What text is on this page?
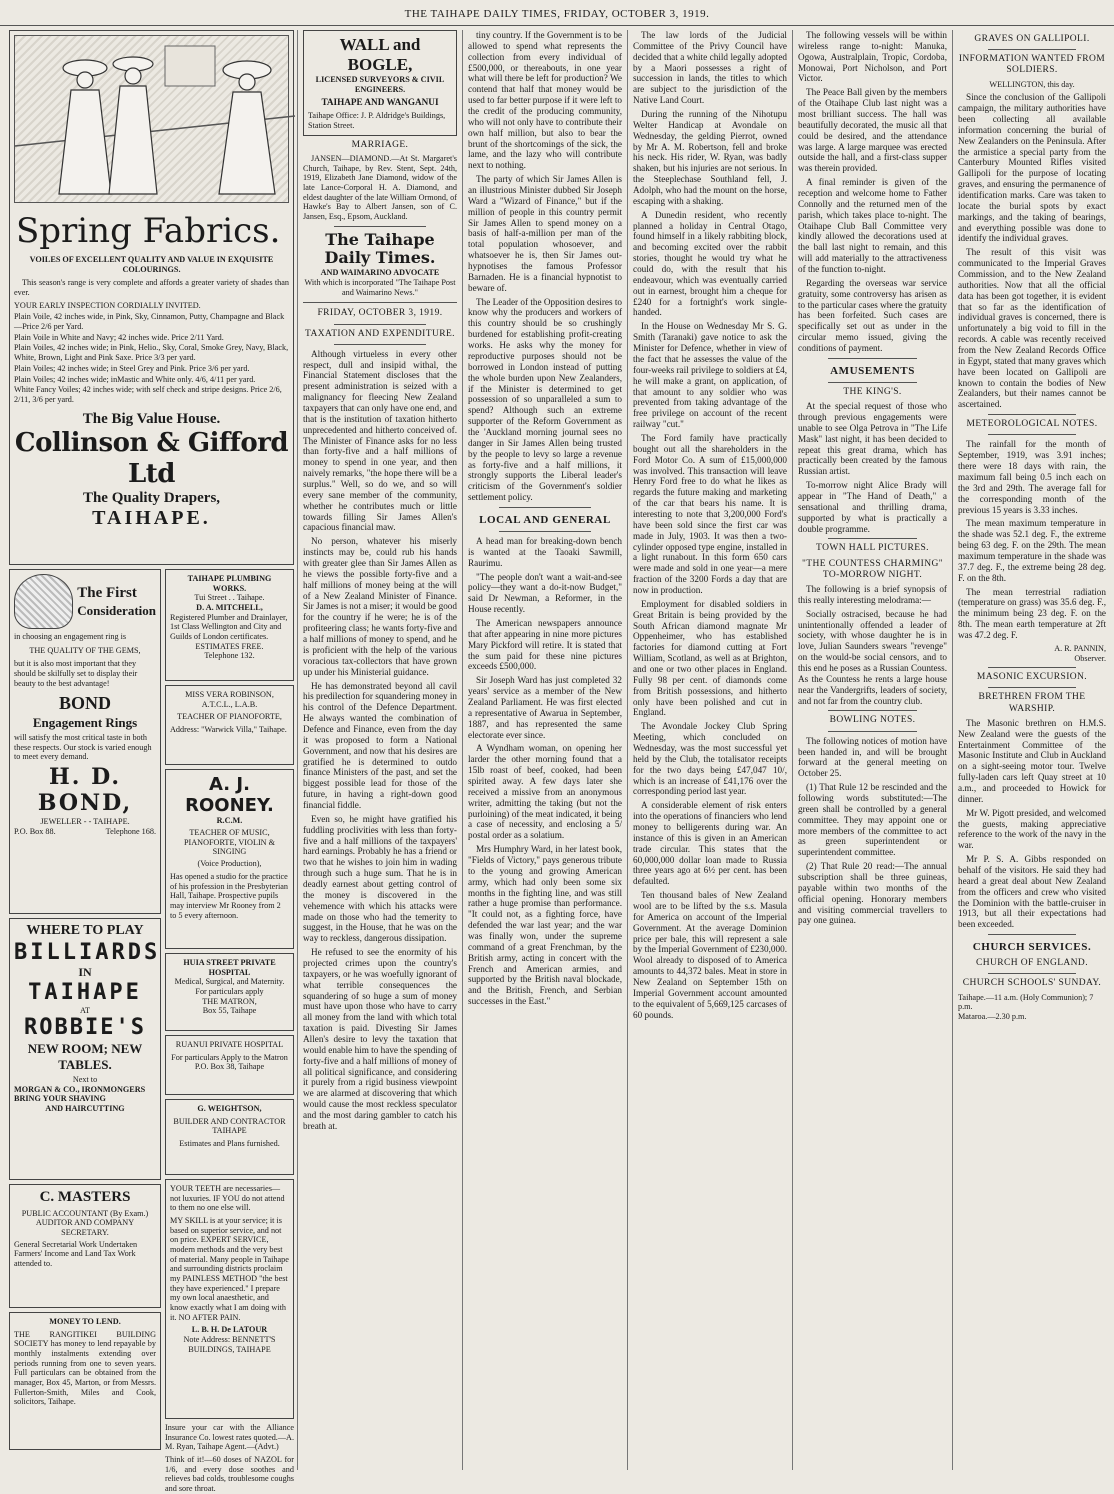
THE TAIHAPE DAILY TIMES, FRIDAY, OCTOBER 3, 1919.
Spring Fabrics.
VOILES OF EXCELLENT QUALITY AND VALUE IN EXQUISITE COLOURINGS.

This season's range is very complete and affords a greater variety of shades than ever.

YOUR EARLY INSPECTION CORDIALLY INVITED.
Plain Voile, 42 inches wide, in Pink, Sky, Cinnamon, Putty, Champagne and Black—Price 2/6 per Yard.
Plain Voile in White and Navy; 42 inches wide. Price 2/11 Yard.
Plain Voiles, 42 inches wide; in Pink, Helio., Sky, Coral, Smoke Grey, Navy, Black, White, Brown, Light and Pink Saxe. Price 3/3 per yard.
Plain Voiles; 42 inches wide; in Steel Grey and Pink. Price 3/6 per yard.
Plain Voiles; 42 inches wide; inMastic and White only. 4/6, 4/11 per yard.
White Fancy Voiles; 42 inches wide; with self check and stripe designs. Price 2/6, 2/11, 3/6 per yard.
The Big Value House.
Collinson & Gifford Ltd
The Quality Drapers,
TAIHAPE.
The First
Consideration
in choosing an engagement ring is
THE QUALITY OF THE GEMS,
but it is also most important that they should be skilfully set to display their beauty to the best advantage!
BOND
Engagement Rings
will satisfy the most critical taste in both these respects. Our stock is varied enough to meet every demand.
H. D. BOND,
JEWELLER - - TAIHAPE.
P.O. Box 88.	Telephone 168.
WHERE TO PLAY
BILLIARDS
IN
TAIHAPE
AT
ROBBIE'S
NEW ROOM; NEW
TABLES.
Next to
MORGAN & CO., IRONMONGERS
BRING YOUR SHAVING
AND HAIRCUTTING
C. MASTERS
PUBLIC ACCOUNTANT (By Exam.) AUDITOR AND COMPANY SECRETARY.
General Secretarial Work Undertaken Farmers' Income and Land Tax Work attended to.
MONEY TO LEND.
THE RANGITIKEI BUILDING SOCIETY has money to lend repayable by monthly instalments extending over periods running from one to seven years. Full particulars can be obtained from the manager, Box 45, Marton, or from Messrs. Fullerton-Smith, Miles and Cook, solicitors, Taihape.
TAIHAPE PLUMBING WORKS.
Tui Street . . Taihape.
D. A. MITCHELL,
Registered Plumber and Drainlayer, 1st Class Wellington and City and Guilds of London certificates.
ESTIMATES FREE.
Telephone 132.
MISS VERA ROBINSON, A.T.C.L., L.A.B.
TEACHER OF PIANOFORTE,
Address: "Warwick Villa," Taihape.
A. J. ROONEY.
R.C.M.
TEACHER OF MUSIC, PIANOFORTE, VIOLIN & SINGING
(Voice Production),
Has opened a studio for the practice of his profession in the Presbyterian Hall, Taihape. Prospective pupils may interview Mr Rooney from 2 to 5 every afternoon.
HUIA STREET PRIVATE HOSPITAL
Medical, Surgical, and Maternity.
For particulars apply
THE MATRON,
Box 55, Taihape
RUANUI PRIVATE HOSPITAL
For particulars Apply to the Matron P.O. Box 38, Taihape
G. WEIGHTSON,
BUILDER AND CONTRACTOR TAIHAPE
Estimates and Plans furnished.
YOUR TEETH are necessaries—not luxuries. IF YOU do not attend to them no one else will.
MY SKILL is at your service; it is based on superior service, and not on price. EXPERT SERVICE, modern methods and the very best of material. Many people in Taihape and surrounding districts proclaim my PAINLESS METHOD "the best they have experienced." I prepare my own local anaesthetic, and know exactly what I am doing with it. NO AFTER PAIN.
L. B. H. De LATOUR
Note Address: BENNETT'S BUILDINGS, TAIHAPE
Insure your car with the Alliance Insurance Co. lowest rates quoted.—A. M. Ryan, Taihape Agent.—(Advt.)
Think of it!—60 doses of NAZOL for 1/6, and every dose soothes and relieves bad colds, troublesome coughs and sore throat.
WALL and BOGLE,
LICENSED SURVEYORS & CIVIL ENGINEERS.
TAIHAPE AND WANGANUI
Taihape Office: J. P. Aldridge's Buildings, Station Street.
MARRIAGE.

JANSEN—DIAMOND.—At St. Margaret's Church, Taihape, by Rev. Stent, Sept. 24th, 1919, Elizabeth Jane Diamond, widow of the late Lance-Corporal H. A. Diamond, and eldest daughter of the late William Ormond, of Hawke's Bay to Albert Jansen, son of C. Jansen, Esq., Epsom, Auckland.

The Taihape Daily Times.
AND WAIMARINO ADVOCATE
With which is incorporated "The Taihape Post and Waimarino News."
FRIDAY, OCTOBER 3, 1919.
TAXATION AND EXPENDITURE.

Although virtueless in every other respect, dull and insipid withal, the Financial Statement discloses that the present administration is seized with a malignancy for fleecing New Zealand taxpayers that can only have one end, and that is the institution of taxation hitherto unprecedented and hitherto conceived of. The Minister of Finance asks for no less than forty-five and a half millions of money to spend in one year, and then naively remarks, "the hope there will be a surplus." Well, so do we, and so will every sane member of the community, whether he contributes much or little towards filling Sir James Allen's capacious financial maw.

No person, whatever his miserly instincts may be, could rub his hands with greater glee than Sir James Allen as he views the possible forty-five and a half millions of money being at the will of a New Zealand Minister of Finance. Sir James is not a miser; it would be good for the country if he were; he is of the profiteering class; he wants forty-five and a half millions of money to spend, and he is proficient with the help of the various voracious tax-collectors that have grown up under his Ministerial guidance.

He has demonstrated beyond all cavil his predilection for squandering money in his control of the Defence Department. He always wanted the combination of Defence and Finance, even from the day it was proposed to form a National Government, and now that his desires are gratified he is determined to outdo finance Ministers of the past, and set the biggest possible lead for those of the future, in having a right-down good financial fiddle.

Even so, he might have gratified his fuddling proclivities with less than forty-five and a half millions of the taxpayers' hard earnings. Probably he has a friend or two that he wishes to join him in wading through such a huge sum. That he is in deadly earnest about getting control of the money is discovered in the vehemence with which his attacks were made on those who had the temerity to suggest, in the House, that he was on the way to reckless, dangerous dissipation.

He refused to see the enormity of his projected crimes upon the country's taxpayers, or he was woefully ignorant of what terrible consequences the squandering of so huge a sum of money must have upon those who have to carry all money from the land with which total taxation is paid. Divesting Sir James Allen's desire to levy the taxation that would enable him to have the spending of forty-five and a half millions of money of all political significance, and considering it purely from a rigid business viewpoint we are alarmed at discovering that which would cause the most reckless speculator and the most daring gambler to catch his breath at.

tiny country. If the Government is to be allowed to spend what represents the collection from every individual of £500,000, or thereabouts, in one year what will there be left for production? We contend that half that money would be used to far better purpose if it were left to the credit of the producing community, who will not only have to contribute their own half million, but also to bear the brunt of the shortcomings of the sick, the lame, and the lazy who will contribute next to nothing.

The party of which Sir James Allen is an illustrious Minister dubbed Sir Joseph Ward a "Wizard of Finance," but if the million of people in this country permit Sir James Allen to spend money on a basis of half-a-million per man of the total population whosoever, and whatsoever he is, then Sir James out-hypnotises the famous Professor Barnaden. He is a financial hypnotist to beware of.

The Leader of the Opposition desires to know why the producers and workers of this country should be so crushingly burdened for establishing profit-creating works. He asks why the money for reproductive purposes should not be borrowed in London instead of putting the whole burden upon New Zealanders, if the Minister is determined to get possession of so unparalleled a sum to spend? Although such an extreme supporter of the Reform Government as the 'Auckland morning journal sees no danger in Sir James Allen being trusted by the people to levy so large a revenue as forty-five and a half millions, it strongly supports the Liberal leader's criticism of the Government's soldier settlement policy.

LOCAL AND GENERAL

A head man for breaking-down bench is wanted at the Taoaki Sawmill, Raurimu.

"The people don't want a wait-and-see policy—they want a do-it-now Budget," said Dr Newman, a Reformer, in the House recently.

The American newspapers announce that after appearing in nine more pictures Mary Pickford will retire. It is stated that the sum paid for these nine pictures exceeds £500,000.

Sir Joseph Ward has just completed 32 years' service as a member of the New Zealand Parliament. He was first elected a representative of Awarua in September, 1887, and has represented the same electorate ever since.

A Wyndham woman, on opening her larder the other morning found that a 15lb roast of beef, cooked, had been spirited away. A few days later she received a missive from an anonymous writer, admitting the taking (but not the purloining) of the meat indicated, it being a case of necessity, and enclosing a 5/ postal order as a solatium.

Mrs Humphry Ward, in her latest book, "Fields of Victory," pays generous tribute to the young and growing American army, which had only been some six months in the fighting line, and was still rather a huge promise than performance. "It could not, as a fighting force, have defended the war last year; and the war was finally won, under the supreme command of a great Frenchman, by the British army, acting in concert with the French and American armies, and supported by the British naval blockade, and the British, French, and Serbian successes in the East."

The law lords of the Judicial Committee of the Privy Council have decided that a white child legally adopted by a Maori possesses a right of succession in lands, the titles to which are subject to the jurisdiction of the Native Land Court.

During the running of the Nihotupu Welter Handicap at Avondale on Wednesday, the gelding Pierrot, owned by Mr A. M. Robertson, fell and broke his neck. His rider, W. Ryan, was badly shaken, but his injuries are not serious. In the Steeplechase Southland fell, J. Adolph, who had the mount on the horse, escaping with a shaking.

A Dunedin resident, who recently planned a holiday in Central Otago, found himself in a likely rabbiting block, and becoming excited over the rabbit stories, thought he would try what he could do, with the result that his endeavour, which was eventually carried out in earnest, brought him a cheque for £240 for a fortnight's work single-handed.

In the House on Wednesday Mr S. G. Smith (Taranaki) gave notice to ask the Minister for Defence, whether in view of the fact that he assesses the value of the four-weeks rail privilege to soldiers at £4, he will make a grant, on application, of that amount to any soldier who was prevented from taking advantage of the free privilege on account of the recent railway "cut."

The Ford family have practically bought out all the shareholders in the Ford Motor Co. A sum of £15,000,000 was involved. This transaction will leave Henry Ford free to do what he likes as regards the future making and marketing of the car that bears his name. It is interesting to note that 3,200,000 Ford's have been sold since the first car was made in July, 1903. It was then a two-cylinder opposed type engine, installed in a light runabout. In this form 650 cars were made and sold in one year—a mere fraction of the 3200 Fords a day that are now in production.

Employment for disabled soldiers in Great Britain is being provided by the South African diamond magnate Mr Oppenheimer, who has established factories for diamond cutting at Fort William, Scotland, as well as at Brighton, and one or two other places in England. Fully 98 per cent. of diamonds come from British possessions, and hitherto only have been polished and cut in England.

The Avondale Jockey Club Spring Meeting, which concluded on Wednesday, was the most successful yet held by the Club, the totalisator receipts for the two days being £47,047 10/, which is an increase of £41,176 over the corresponding period last year.

A considerable element of risk enters into the operations of financiers who lend money to belligerents during war. An instance of this is given in an American trade circular. This states that the 60,000,000 dollar loan made to Russia three years ago at 6½ per cent. has been defaulted.

Ten thousand bales of New Zealand wool are to be lifted by the s.s. Masula for America on account of the Imperial Government. At the average Dominion price per bale, this will represent a sale by the Imperial Government of £230,000. Wool already to disposed of to America amounts to 44,372 bales. Meat in store in New Zealand on September 15th on Imperial Government account amounted to the equivalent of 5,669,125 carcases of 60 pounds.

The following vessels will be within wireless range to-night: Manuka, Ogowa, Australplain, Tropic, Cordoba, Monowai, Port Nicholson, and Port Victor.

The Peace Ball given by the members of the Otaihape Club last night was a most brilliant success. The hall was beautifully decorated, the music all that could be desired, and the attendance was large. A large marquee was erected outside the hall, and a first-class supper was therein provided.

A final reminder is given of the reception and welcome home to Father Connolly and the returned men of the parish, which takes place to-night. The Otaihape Club Ball Committee very kindly allowed the decorations used at the ball last night to remain, and this will add materially to the attractiveness of the function to-night.

Regarding the overseas war service gratuity, some controversy has arisen as to the particular cases where the gratuity has been forfeited. Such cases are specifically set out as under in the circular memo issued, giving the conditions of payment.

AMUSEMENTS
THE KING'S.

At the special request of those who through previous engagements were unable to see Olga Petrova in "The Life Mask" last night, it has been decided to repeat this great drama, which has practically been created by the famous Russian artist.

To-morrow night Alice Brady will appear in "The Hand of Death," a sensational and thrilling drama, supported by what is practically a double programme.

TOWN HALL PICTURES.
"THE COUNTESS CHARMING" TO-MORROW NIGHT.

The following is a brief synopsis of this really interesting melodrama:—

Socially ostracised, because he had unintentionally offended a leader of society, with whose daughter he is in love, Julian Saunders swears "revenge" on the would-be social censors, and to this end he poses as a Russian Countess. As the Countess he rents a large house near the Vandergrifts, leaders of society, and not far from the country club.

BOWLING NOTES.

The following notices of motion have been handed in, and will be brought forward at the general meeting on October 25.

(1) That Rule 12 be rescinded and the following words substituted:—The green shall be controlled by a general committee. They may appoint one or more members of the committee to act as green superintendent or superintendent committee.

(2) That Rule 20 read:—The annual subscription shall be three guineas, payable within two months of the official opening. Honorary members and visiting commercial travellers to pay one guinea.

GRAVES ON GALLIPOLI.
INFORMATION WANTED FROM SOLDIERS.
WELLINGTON, this day.

Since the conclusion of the Gallipoli campaign, the military authorities have been collecting all available information concerning the burial of New Zealanders on the Peninsula. After the armistice a special party from the Canterbury Mounted Rifles visited Gallipoli for the purpose of locating graves, and ensuring the permanence of identification marks. Care was taken to locate the burial spots by exact markings, and the taking of bearings, and everything possible was done to identify the individual graves.

The result of this visit was communicated to the Imperial Graves Commission, and to the New Zealand authorities. Now that all the official data has been got together, it is evident that so far as the identification of individual graves is concerned, there is unfortunately a big void to fill in the records. A cable was recently received from the New Zealand Records Office in Egypt, stated that many graves which have been located on Gallipoli are known to contain the bodies of New Zealanders, but their names cannot be ascertained.

METEOROLOGICAL NOTES.

The rainfall for the month of September, 1919, was 3.91 inches; there were 18 days with rain, the maximum fall being 0.5 inch each on the 3rd and 29th. The average fall for the corresponding month of the previous 15 years is 3.33 inches.

The mean maximum temperature in the shade was 52.1 deg. F., the extreme being 63 deg. F. on the 29th. The mean maximum temperature in the shade was 37.7 deg. F., the extreme being 28 deg. F. on the 8th.

The mean terrestrial radiation (temperature on grass) was 35.6 deg. F., the minimum being 23 deg. F. on the 8th. The mean earth temperature at 2ft was 47.2 deg. F.

A. R. PANNIN,
Observer.
MASONIC EXCURSION.
BRETHREN FROM THE WARSHIP.

The Masonic brethren on H.M.S. New Zealand were the guests of the Entertainment Committee of the Masonic Institute and Club in Auckland on a sight-seeing motor tour. Twelve fully-laden cars left Quay street at 10 a.m., and proceeded to Howick for dinner.

Mr W. Pigott presided, and welcomed the guests, making appreciative reference to the work of the navy in the war.

Mr P. S. A. Gibbs responded on behalf of the visitors. He said they had heard a great deal about New Zealand from the officers and crew who visited the Dominion with the battle-cruiser in 1913, but all their expectations had been exceeded.

CHURCH SERVICES.
CHURCH OF ENGLAND.
CHURCH SCHOOLS' SUNDAY.
Taihape.—11 a.m. (Holy Communion); 7 p.m.
Mataroa.—2.30 p.m.
